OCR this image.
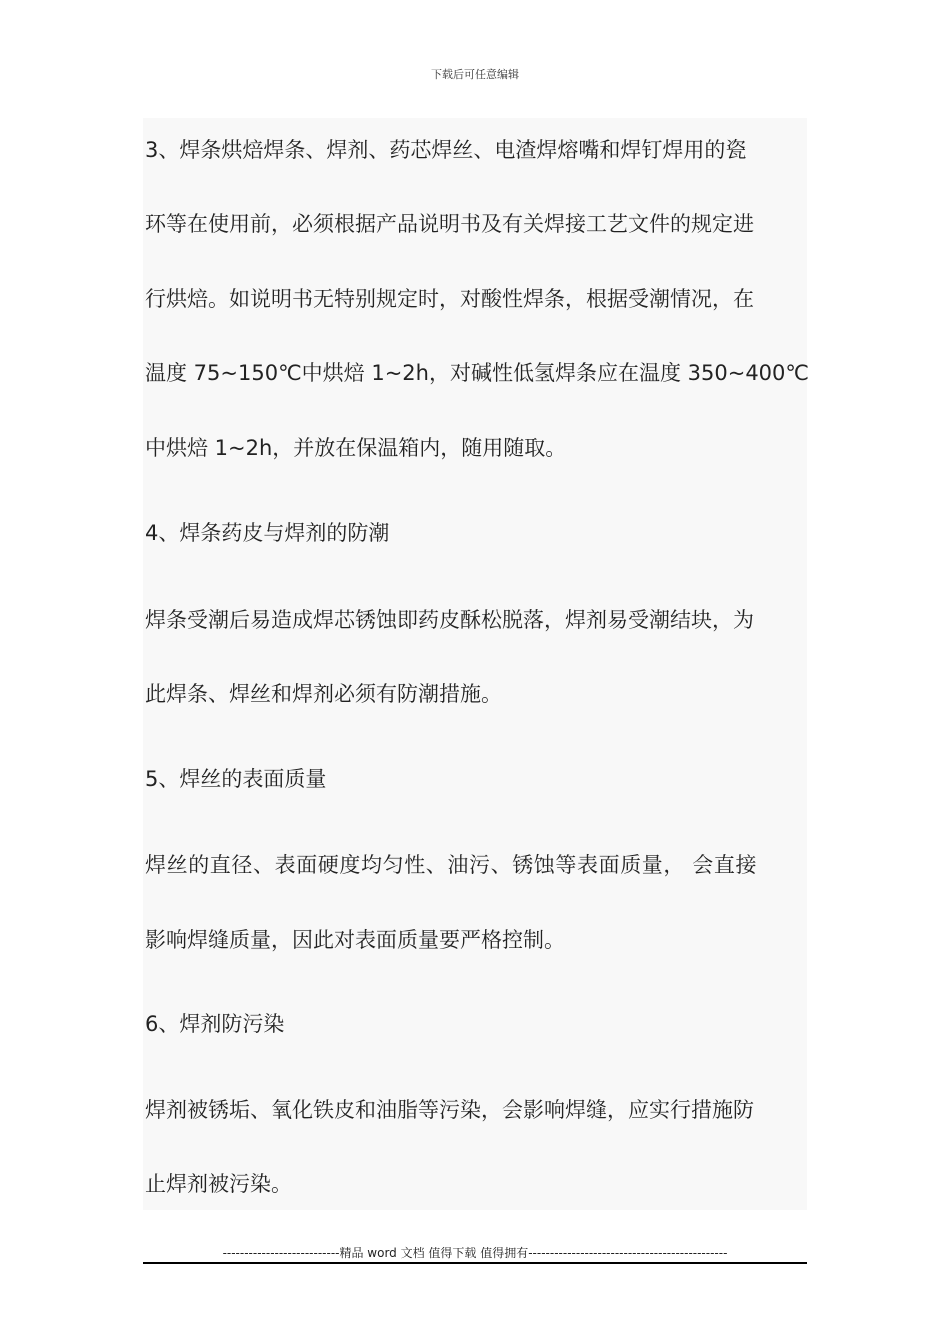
下载后可任意编辑
3、焊条烘焙焊条、焊剂、药芯焊丝、电渣焊熔嘴和焊钉焊用的瓷
环等在使用前，必须根据产品说明书及有关焊接工艺文件的规定进
行烘焙。如说明书无特别规定时，对酸性焊条，根据受潮情况，在
温度 75~150℃中烘焙 1~2h，对碱性低氢焊条应在温度 350~400℃
中烘焙 1~2h，并放在保温箱内，随用随取。
4、焊条药皮与焊剂的防潮
焊条受潮后易造成焊芯锈蚀即药皮酥松脱落，焊剂易受潮结块，为
此焊条、焊丝和焊剂必须有防潮措施。
5、焊丝的表面质量
焊丝的直径、表面硬度均匀性、油污、锈蚀等表面质量， 会直接
影响焊缝质量，因此对表面质量要严格控制。
6、焊剂防污染
焊剂被锈垢、氧化铁皮和油脂等污染，会影响焊缝，应实行措施防
止焊剂被污染。
---------------------------精品 word 文档 值得下载 值得拥有----------------------------------------------
